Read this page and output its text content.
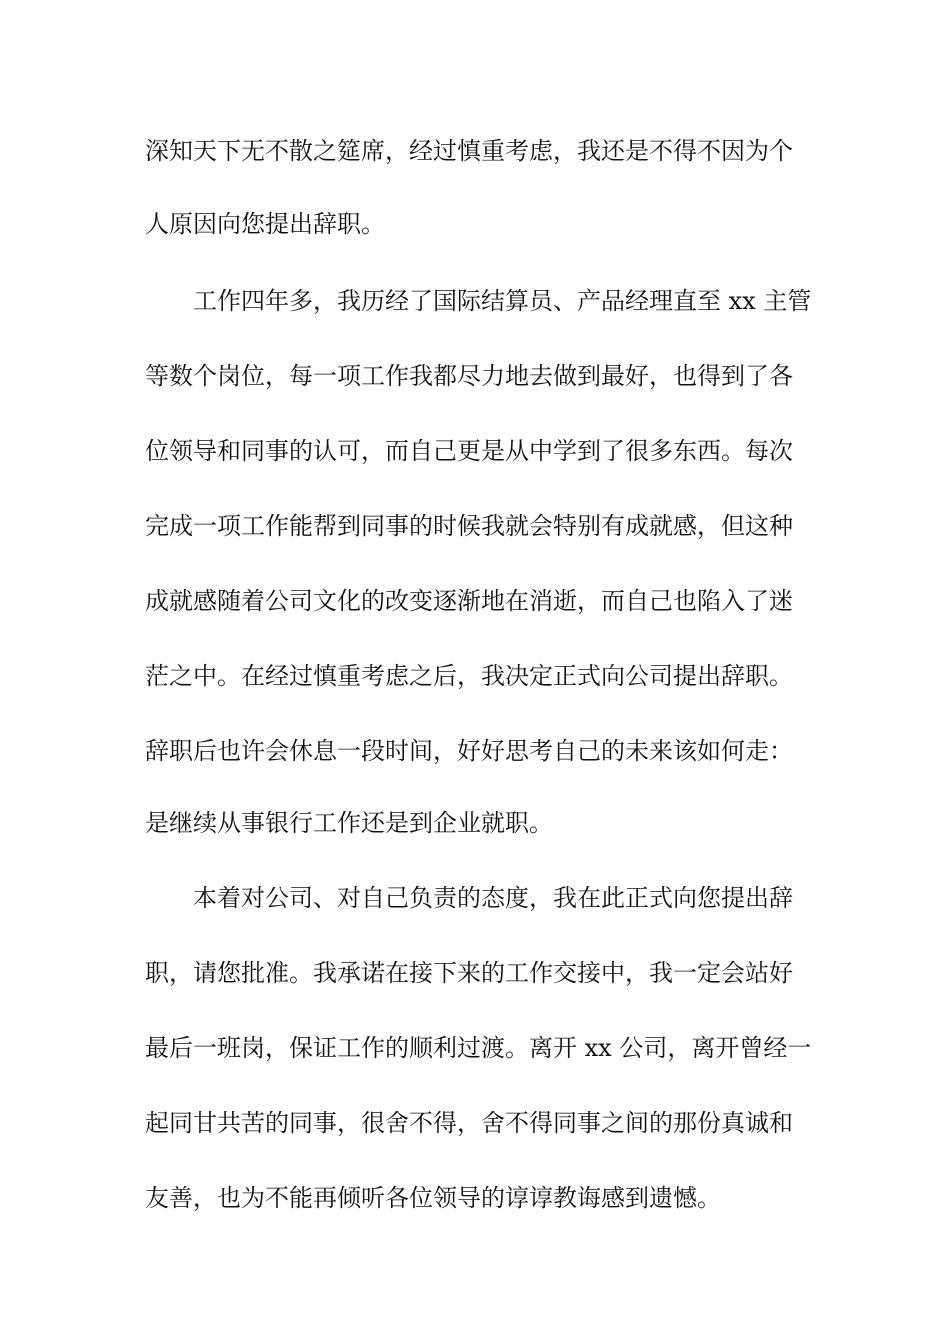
深知天下无不散之筵席，经过慎重考虑，我还是不得不因为个
人原因向您提出辞职。
工作四年多，我历经了国际结算员、产品经理直至 xx 主管
等数个岗位，每一项工作我都尽力地去做到最好，也得到了各
位领导和同事的认可，而自己更是从中学到了很多东西。每次
完成一项工作能帮到同事的时候我就会特别有成就感，但这种
成就感随着公司文化的改变逐渐地在消逝，而自己也陷入了迷
茫之中。在经过慎重考虑之后，我决定正式向公司提出辞职。
辞职后也许会休息一段时间，好好思考自己的未来该如何走：
是继续从事银行工作还是到企业就职。
本着对公司、对自己负责的态度，我在此正式向您提出辞
职，请您批准。我承诺在接下来的工作交接中，我一定会站好
最后一班岗，保证工作的顺利过渡。离开 xx 公司，离开曾经一
起同甘共苦的同事，很舍不得，舍不得同事之间的那份真诚和
友善，也为不能再倾听各位领导的谆谆教诲感到遗憾。
